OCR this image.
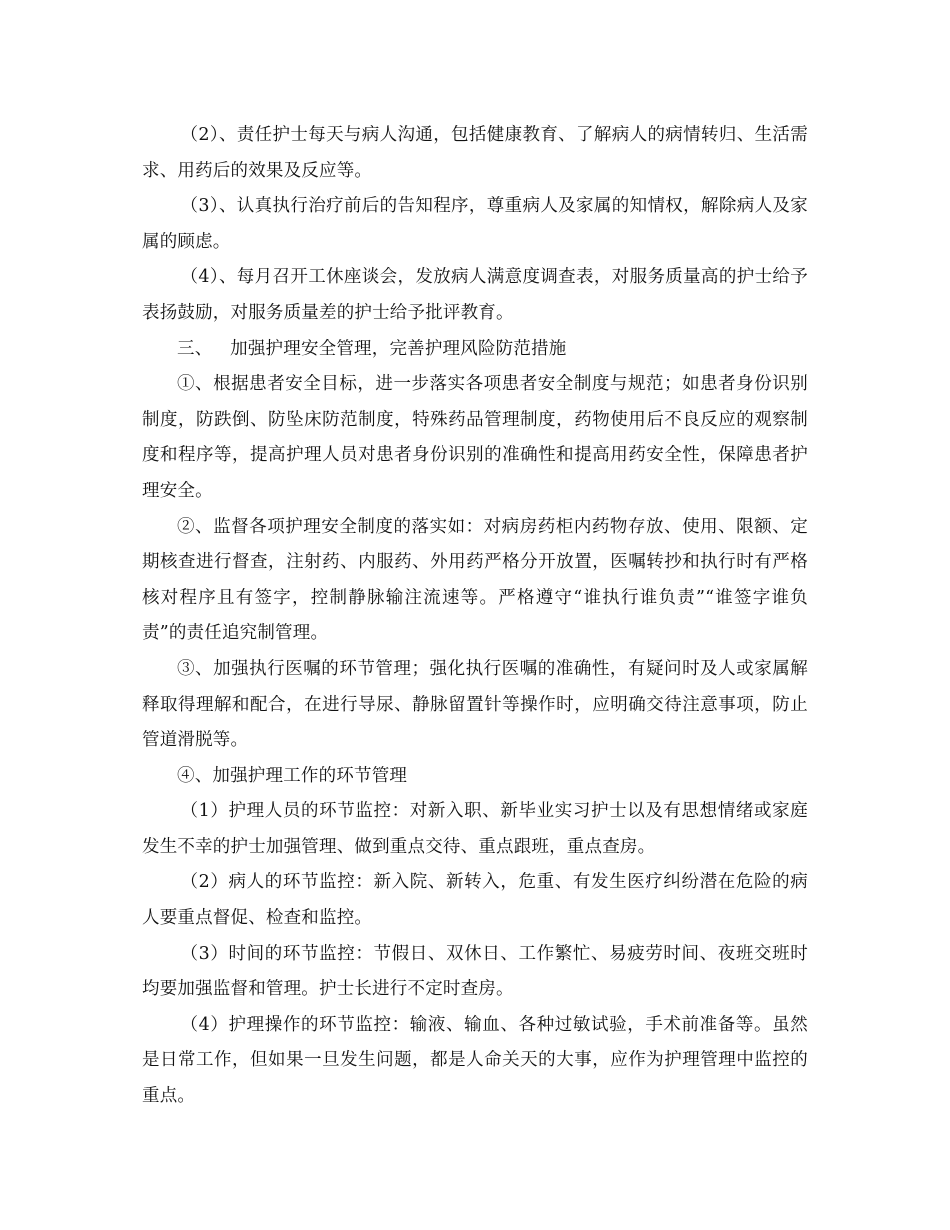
（2）、责任护士每天与病人沟通，包括健康教育、了解病人的病情转归、生活需求、用药后的效果及反应等。

（3）、认真执行治疗前后的告知程序，尊重病人及家属的知情权，解除病人及家属的顾虑。

（4）、每月召开工休座谈会，发放病人满意度调查表，对服务质量高的护士给予表扬鼓励，对服务质量差的护士给予批评教育。

三、 加强护理安全管理，完善护理风险防范措施

①、根据患者安全目标，进一步落实各项患者安全制度与规范；如患者身份识别制度，防跌倒、防坠床防范制度，特殊药品管理制度，药物使用后不良反应的观察制度和程序等，提高护理人员对患者身份识别的准确性和提高用药安全性，保障患者护理安全。

②、监督各项护理安全制度的落实如：对病房药柜内药物存放、使用、限额、定期核查进行督查，注射药、内服药、外用药严格分开放置，医嘱转抄和执行时有严格核对程序且有签字，控制静脉输注流速等。严格遵守“谁执行谁负责”“谁签字谁负责”的责任追究制管理。

③、加强执行医嘱的环节管理；强化执行医嘱的准确性，有疑问时及人或家属解释取得理解和配合，在进行导尿、静脉留置针等操作时，应明确交待注意事项，防止管道滑脱等。

④、加强护理工作的环节管理

（1）护理人员的环节监控：对新入职、新毕业实习护士以及有思想情绪或家庭发生不幸的护士加强管理、做到重点交待、重点跟班，重点查房。

（2）病人的环节监控：新入院、新转入，危重、有发生医疗纠纷潜在危险的病人要重点督促、检查和监控。

（3）时间的环节监控：节假日、双休日、工作繁忙、易疲劳时间、夜班交班时均要加强监督和管理。护士长进行不定时查房。

（4）护理操作的环节监控：输液、输血、各种过敏试验，手术前准备等。虽然是日常工作，但如果一旦发生问题，都是人命关天的大事，应作为护理管理中监控的重点。
